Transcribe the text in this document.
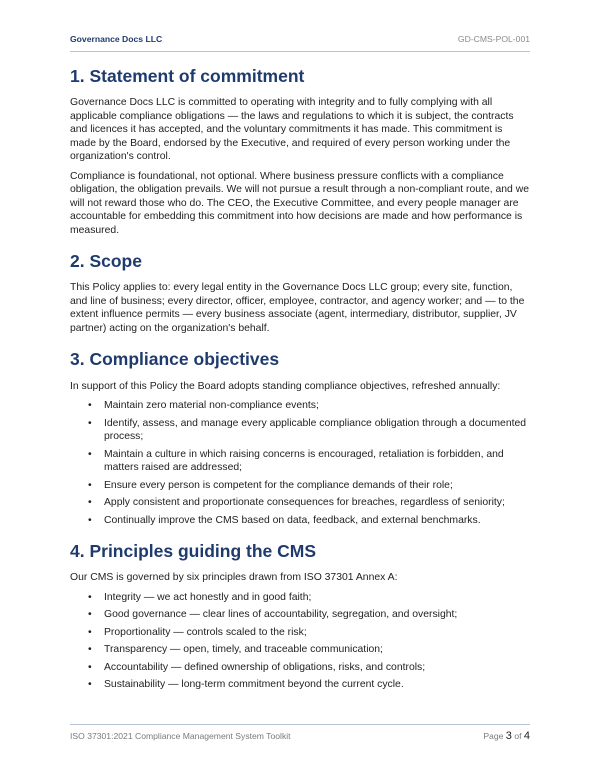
Governance Docs LLC	GD-CMS-POL-001
1. Statement of commitment

Governance Docs LLC is committed to operating with integrity and to fully complying with all applicable compliance obligations — the laws and regulations to which it is subject, the contracts and licences it has accepted, and the voluntary commitments it has made. This commitment is made by the Board, endorsed by the Executive, and required of every person working under the organization's control.

Compliance is foundational, not optional. Where business pressure conflicts with a compliance obligation, the obligation prevails. We will not pursue a result through a non-compliant route, and we will not reward those who do. The CEO, the Executive Committee, and every people manager are accountable for embedding this commitment into how decisions are made and how performance is measured.

2. Scope

This Policy applies to: every legal entity in the Governance Docs LLC group; every site, function, and line of business; every director, officer, employee, contractor, and agency worker; and — to the extent influence permits — every business associate (agent, intermediary, distributor, supplier, JV partner) acting on the organization's behalf.

3. Compliance objectives

In support of this Policy the Board adopts standing compliance objectives, refreshed annually:

• Maintain zero material non-compliance events;
• Identify, assess, and manage every applicable compliance obligation through a documented process;
• Maintain a culture in which raising concerns is encouraged, retaliation is forbidden, and matters raised are addressed;
• Ensure every person is competent for the compliance demands of their role;
• Apply consistent and proportionate consequences for breaches, regardless of seniority;
• Continually improve the CMS based on data, feedback, and external benchmarks.
4. Principles guiding the CMS

Our CMS is governed by six principles drawn from ISO 37301 Annex A:

• Integrity — we act honestly and in good faith;
• Good governance — clear lines of accountability, segregation, and oversight;
• Proportionality — controls scaled to the risk;
• Transparency — open, timely, and traceable communication;
• Accountability — defined ownership of obligations, risks, and controls;
• Sustainability — long-term commitment beyond the current cycle.
ISO 37301:2021 Compliance Management System Toolkit	Page 3 of 4
